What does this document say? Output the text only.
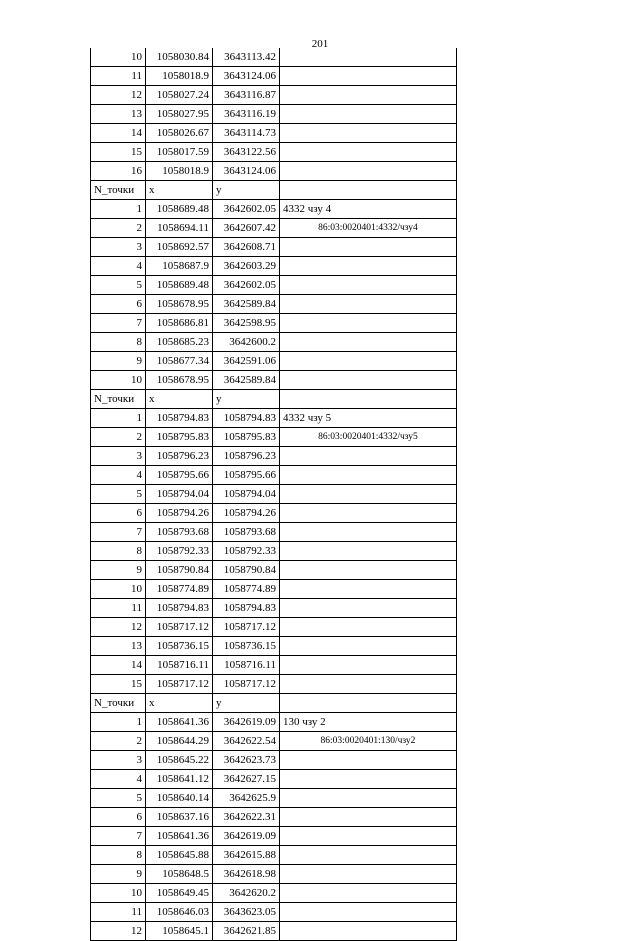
201
10	1058030.84	3643113.42	
11	1058018.9	3643124.06	
12	1058027.24	3643116.87	
13	1058027.95	3643116.19	
14	1058026.67	3643114.73	
15	1058017.59	3643122.56	
16	1058018.9	3643124.06	
N_точки	x	y	
1	1058689.48	3642602.05	4332 чзу 4
2	1058694.11	3642607.42	86:03:0020401:4332/чзу4
3	1058692.57	3642608.71	
4	1058687.9	3642603.29	
5	1058689.48	3642602.05	
6	1058678.95	3642589.84	
7	1058686.81	3642598.95	
8	1058685.23	3642600.2	
9	1058677.34	3642591.06	
10	1058678.95	3642589.84	
N_точки	x	y	
1	1058794.83	1058794.83	4332 чзу 5
2	1058795.83	1058795.83	86:03:0020401:4332/чзу5
3	1058796.23	1058796.23	
4	1058795.66	1058795.66	
5	1058794.04	1058794.04	
6	1058794.26	1058794.26	
7	1058793.68	1058793.68	
8	1058792.33	1058792.33	
9	1058790.84	1058790.84	
10	1058774.89	1058774.89	
11	1058794.83	1058794.83	
12	1058717.12	1058717.12	
13	1058736.15	1058736.15	
14	1058716.11	1058716.11	
15	1058717.12	1058717.12	
N_точки	x	y	
1	1058641.36	3642619.09	130 чзу 2
2	1058644.29	3642622.54	86:03:0020401:130/чзу2
3	1058645.22	3642623.73	
4	1058641.12	3642627.15	
5	1058640.14	3642625.9	
6	1058637.16	3642622.31	
7	1058641.36	3642619.09	
8	1058645.88	3642615.88	
9	1058648.5	3642618.98	
10	1058649.45	3642620.2	
11	1058646.03	3643623.05	
12	1058645.1	3642621.85	
